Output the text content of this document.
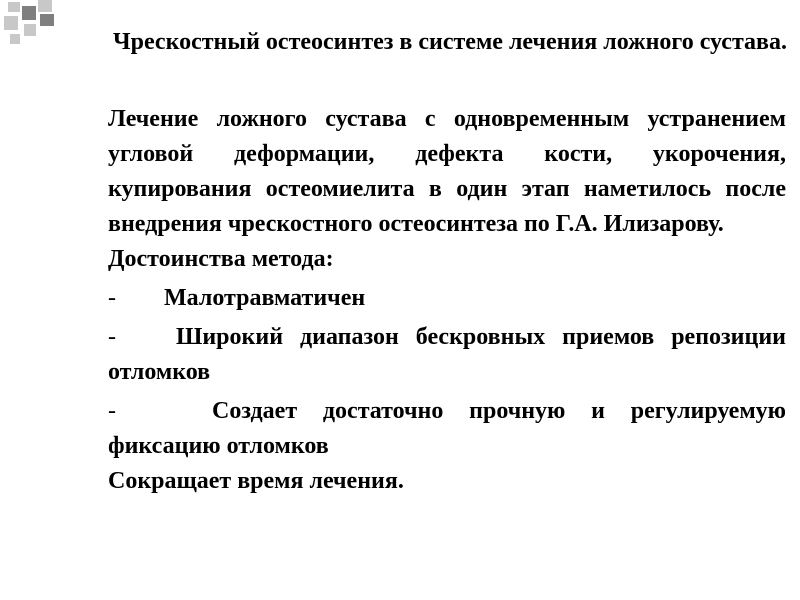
Чрескостный остеосинтез в системе лечения ложного сустава.

Лечение ложного сустава с одновременным устранением угловой деформации, дефекта кости, укорочения, купирования остеомиелита в один этап наметилось после внедрения чрескостного остеосинтеза по Г.А. Илизарову.

Достоинства метода:

- Малотравматичен

-	Широкий диапазон бескровных приемов репозиции отломков

-	Создает достаточно прочную и регулируемую фиксацию отломков

Сокращает время лечения.
